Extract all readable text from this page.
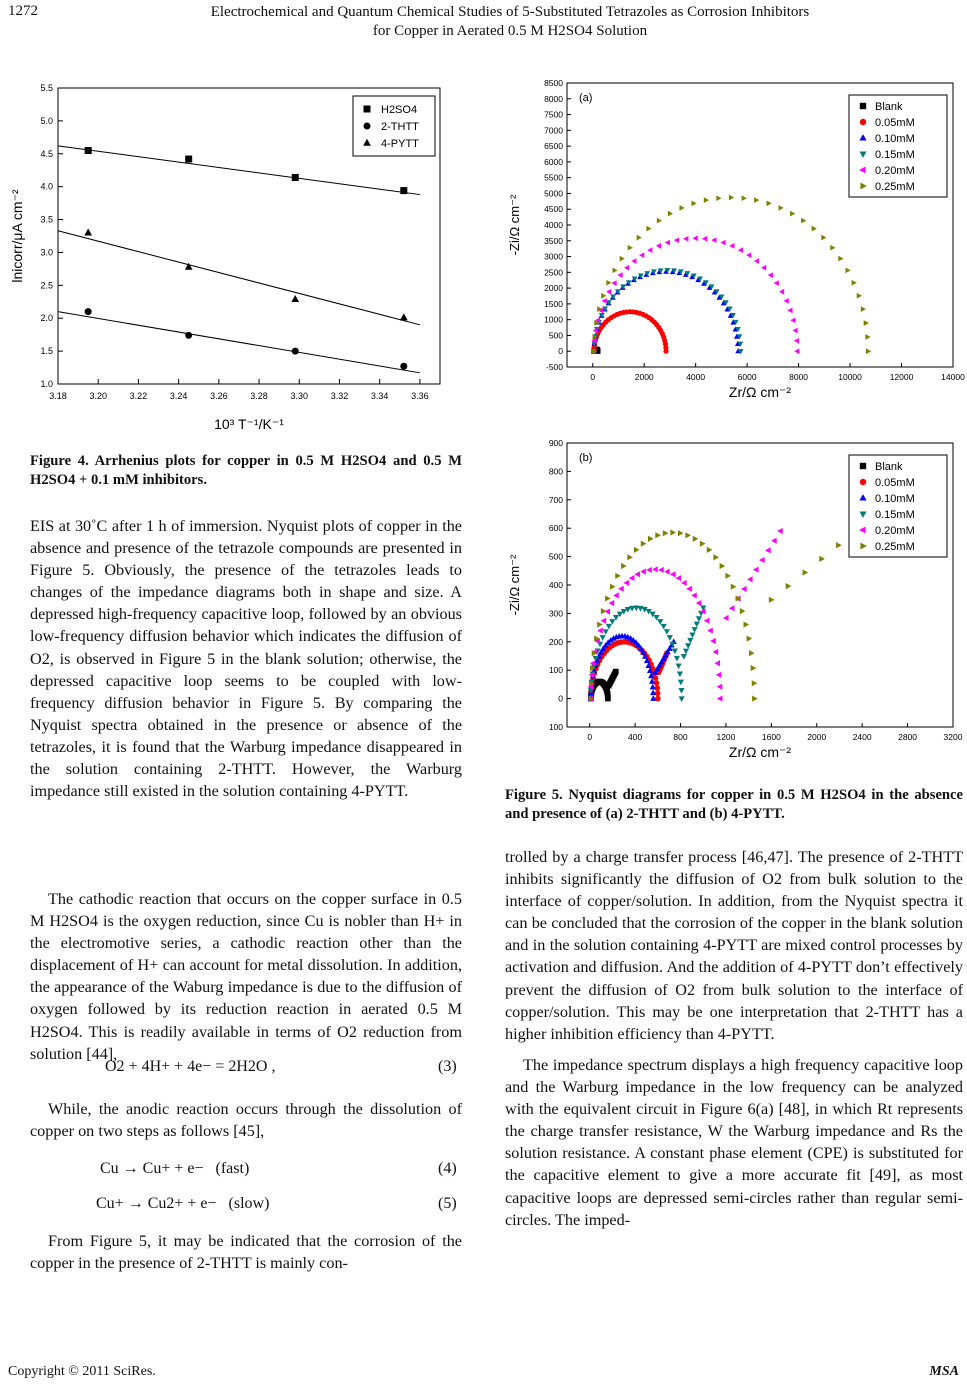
1272	Electrochemical and Quantum Chemical Studies of 5-Substituted Tetrazoles as Corrosion Inhibitors
for Copper in Aerated 0.5 M H2SO4 Solution
3.18	3.20	3.22	3.24	3.26	3.28	3.30	3.32	3.34	3.36
1.0
1.5
2.0
2.5
3.0
3.5
4.0
4.5
5.0
5.5
10³ T⁻¹/K⁻¹
lnicorr/μA cm⁻²
H2SO4
2-THTT
4-PYTT
Figure 4. Arrhenius plots for copper in 0.5 M H2SO4 and 0.5 M H2SO4 + 0.1 mM inhibitors.
0	2000	4000	6000	8000	10000	12000	14000
-500
0
500
1000
1500
2000
2500
3000
3500
4000
4500
5000
5500
6000
6500
7000
7500
8000
8500
(a)
Zr/Ω cm⁻²
-Zi/Ω cm⁻²
Blank
0.05mM
0.10mM
0.15mM
0.20mM
0.25mM
0	400	800	1200	1600	2000	2400	2800	3200
100
0
100
200
300
400
500
600
700
800
900
(b)
Zr/Ω cm⁻²
-Zi/Ω cm⁻²
Blank
0.05mM
0.10mM
0.15mM
0.20mM
0.25mM
Figure 5. Nyquist diagrams for copper in 0.5 M H2SO4 in the absence and presence of (a) 2-THTT and (b) 4-PYTT.
EIS at 30˚C after 1 h of immersion. Nyquist plots of copper in the absence and presence of the tetrazole compounds are presented in Figure 5. Obviously, the presence of the tetrazoles leads to changes of the impedance diagrams both in shape and size. A depressed high-frequency capacitive loop, followed by an obvious low-frequency diffusion behavior which indicates the diffusion of O2, is observed in Figure 5 in the blank solution; otherwise, the depressed capacitive loop seems to be coupled with low-frequency diffusion behavior in Figure 5. By comparing the Nyquist spectra obtained in the presence or absence of the tetrazoles, it is found that the Warburg impedance disappeared in the solution containing 2-THTT. However, the Warburg impedance still existed in the solution containing 4-PYTT.
The cathodic reaction that occurs on the copper surface in 0.5 M H2SO4 is the oxygen reduction, since Cu is nobler than H+ in the electromotive series, a cathodic reaction other than the displacement of H+ can account for metal dissolution. In addition, the appearance of the Waburg impedance is due to the diffusion of oxygen followed by its reduction reaction in aerated 0.5 M H2SO4. This is readily available in terms of O2 reduction from solution [44],
O2 + 4H+ + 4e− = 2H2O ,	(3)
While, the anodic reaction occurs through the dissolution of copper on two steps as follows [45],
Cu → Cu+ + e−   (fast)	(4)
Cu+ → Cu2+ + e−   (slow)	(5)
From Figure 5, it may be indicated that the corrosion of the copper in the presence of 2-THTT is mainly con-
trolled by a charge transfer process [46,47]. The presence of 2-THTT inhibits significantly the diffusion of O2 from bulk solution to the interface of copper/solution. In addition, from the Nyquist spectra it can be concluded that the corrosion of the copper in the blank solution and in the solution containing 4-PYTT are mixed control processes by activation and diffusion. And the addition of 4-PYTT don’t effectively prevent the diffusion of O2 from bulk solution to the interface of copper/solution. This may be one interpretation that 2-THTT has a higher inhibition efficiency than 4-PYTT.
The impedance spectrum displays a high frequency capacitive loop and the Warburg impedance in the low frequency can be analyzed with the equivalent circuit in Figure 6(a) [48], in which Rt represents the charge transfer resistance, W the Warburg impedance and Rs the solution resistance. A constant phase element (CPE) is substituted for the capacitive element to give a more accurate fit [49], as most capacitive loops are depressed semi-circles rather than regular semi-circles. The imped-
Copyright © 2011 SciRes.	MSA
